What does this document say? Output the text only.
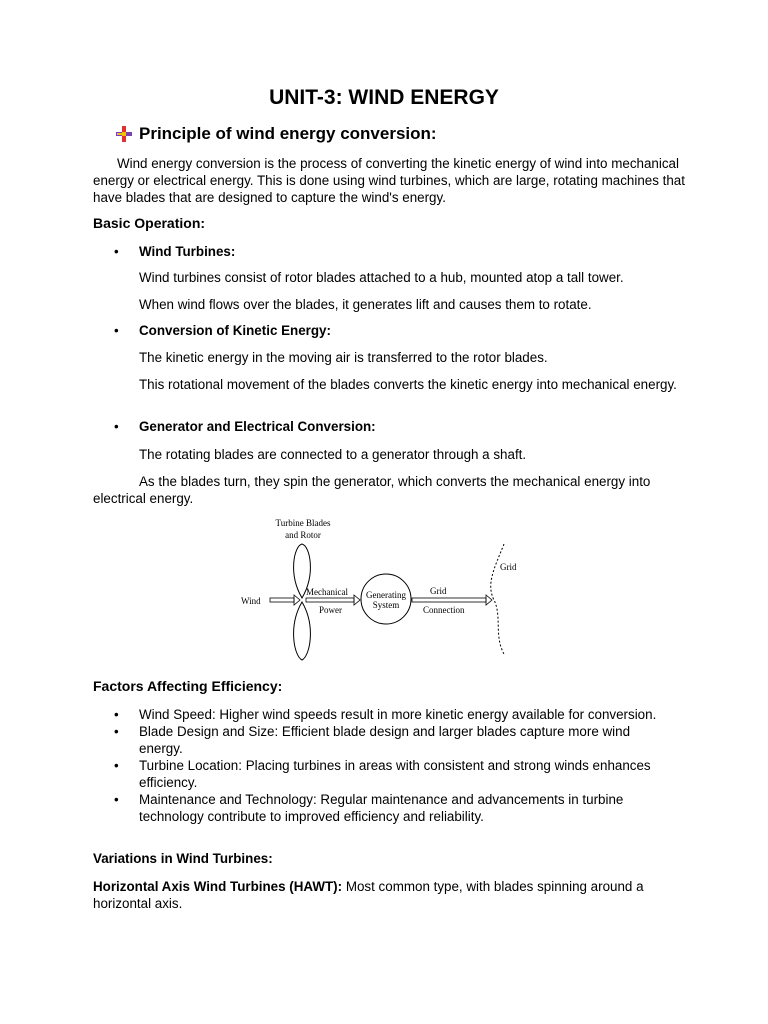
UNIT-3: WIND ENERGY
Principle of wind energy conversion:

Wind energy conversion is the process of converting the kinetic energy of wind into mechanical energy or electrical energy. This is done using wind turbines, which are large, rotating machines that have blades that are designed to capture the wind's energy.

Basic Operation:

• Wind Turbines:

Wind turbines consist of rotor blades attached to a hub, mounted atop a tall tower.

When wind flows over the blades, it generates lift and causes them to rotate.

• Conversion of Kinetic Energy:

The kinetic energy in the moving air is transferred to the rotor blades.

This rotational movement of the blades converts the kinetic energy into mechanical energy.

• Generator and Electrical Conversion:

The rotating blades are connected to a generator through a shaft.

As the blades turn, they spin the generator, which converts the mechanical energy into electrical energy.

Turbine Blades
and Rotor
Wind
Mechanical
Power
Generating
System
Grid
Connection
Grid

Factors Affecting Efficiency:

•	Wind Speed: Higher wind speeds result in more kinetic energy available for conversion.
•	Blade Design and Size: Efficient blade design and larger blades capture more wind energy.
•	Turbine Location: Placing turbines in areas with consistent and strong winds enhances efficiency.
•	Maintenance and Technology: Regular maintenance and advancements in turbine technology contribute to improved efficiency and reliability.

Variations in Wind Turbines:

Horizontal Axis Wind Turbines (HAWT): Most common type, with blades spinning around a horizontal axis.
